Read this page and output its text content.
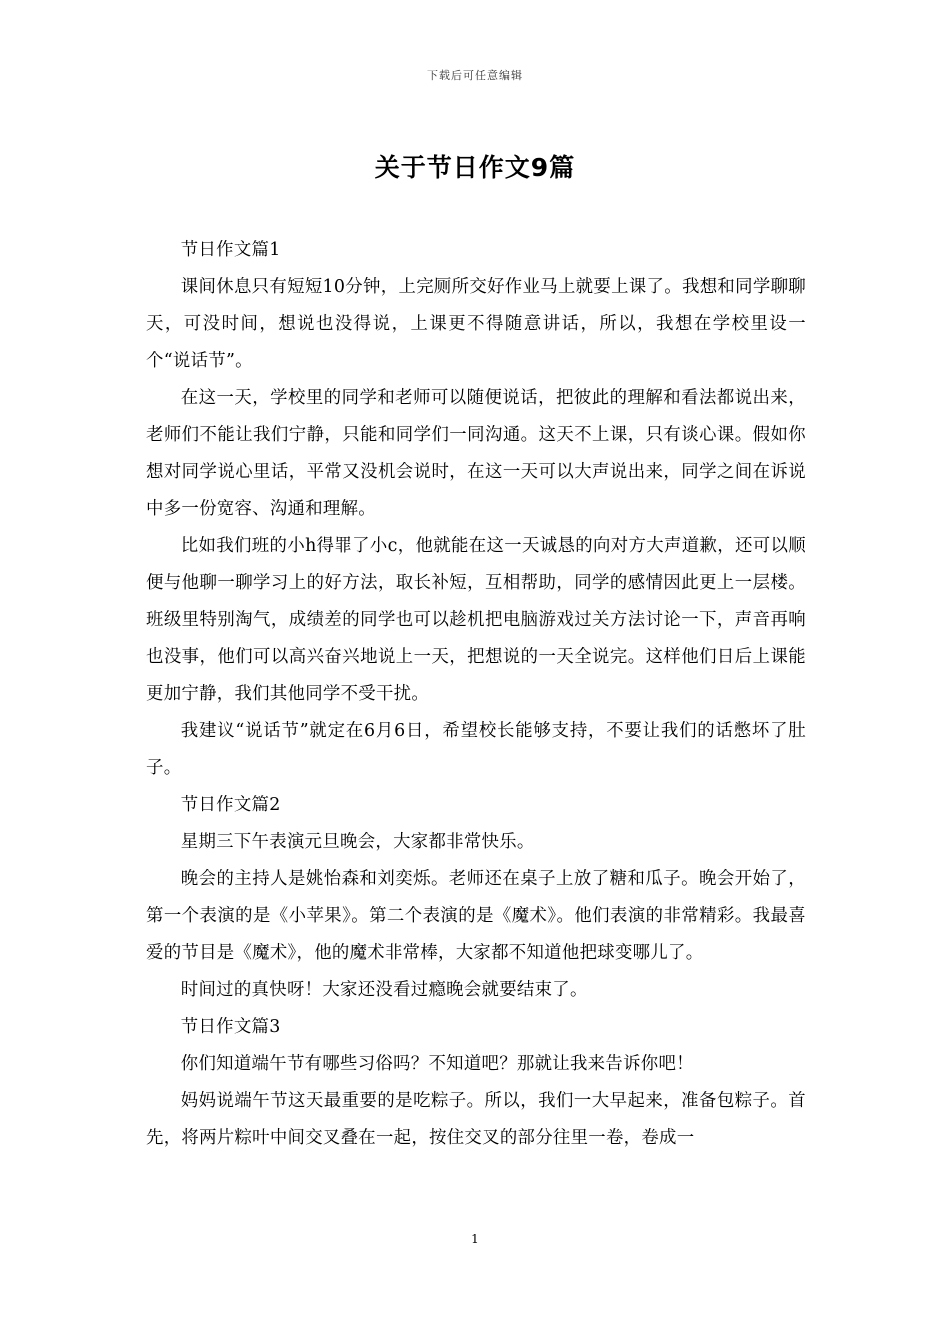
下载后可任意编辑
关于节日作文9篇

节日作文篇1

课间休息只有短短10分钟，上完厕所交好作业马上就要上课了。我想和同学聊聊天，可没时间，想说也没得说，上课更不得随意讲话，所以，我想在学校里设一个“说话节”。

在这一天，学校里的同学和老师可以随便说话，把彼此的理解和看法都说出来，老师们不能让我们宁静，只能和同学们一同沟通。这天不上课，只有谈心课。假如你想对同学说心里话，平常又没机会说时，在这一天可以大声说出来，同学之间在诉说中多一份宽容、沟通和理解。

比如我们班的小h得罪了小c，他就能在这一天诚恳的向对方大声道歉，还可以顺便与他聊一聊学习上的好方法，取长补短，互相帮助，同学的感情因此更上一层楼。班级里特别淘气，成绩差的同学也可以趁机把电脑游戏过关方法讨论一下，声音再响也没事，他们可以高兴奋兴地说上一天，把想说的一天全说完。这样他们日后上课能更加宁静，我们其他同学不受干扰。

我建议“说话节”就定在6月6日，希望校长能够支持，不要让我们的话憋坏了肚子。

节日作文篇2

星期三下午表演元旦晚会，大家都非常快乐。

晚会的主持人是姚怡森和刘奕烁。老师还在桌子上放了糖和瓜子。晚会开始了，第一个表演的是《小苹果》。第二个表演的是《魔术》。他们表演的非常精彩。我最喜爱的节目是《魔术》，他的魔术非常棒，大家都不知道他把球变哪儿了。

时间过的真快呀！大家还没看过瘾晚会就要结束了。

节日作文篇3

你们知道端午节有哪些习俗吗？不知道吧？那就让我来告诉你吧！

妈妈说端午节这天最重要的是吃粽子。所以，我们一大早起来，准备包粽子。首先，将两片粽叶中间交叉叠在一起，按住交叉的部分往里一卷，卷成一

1
